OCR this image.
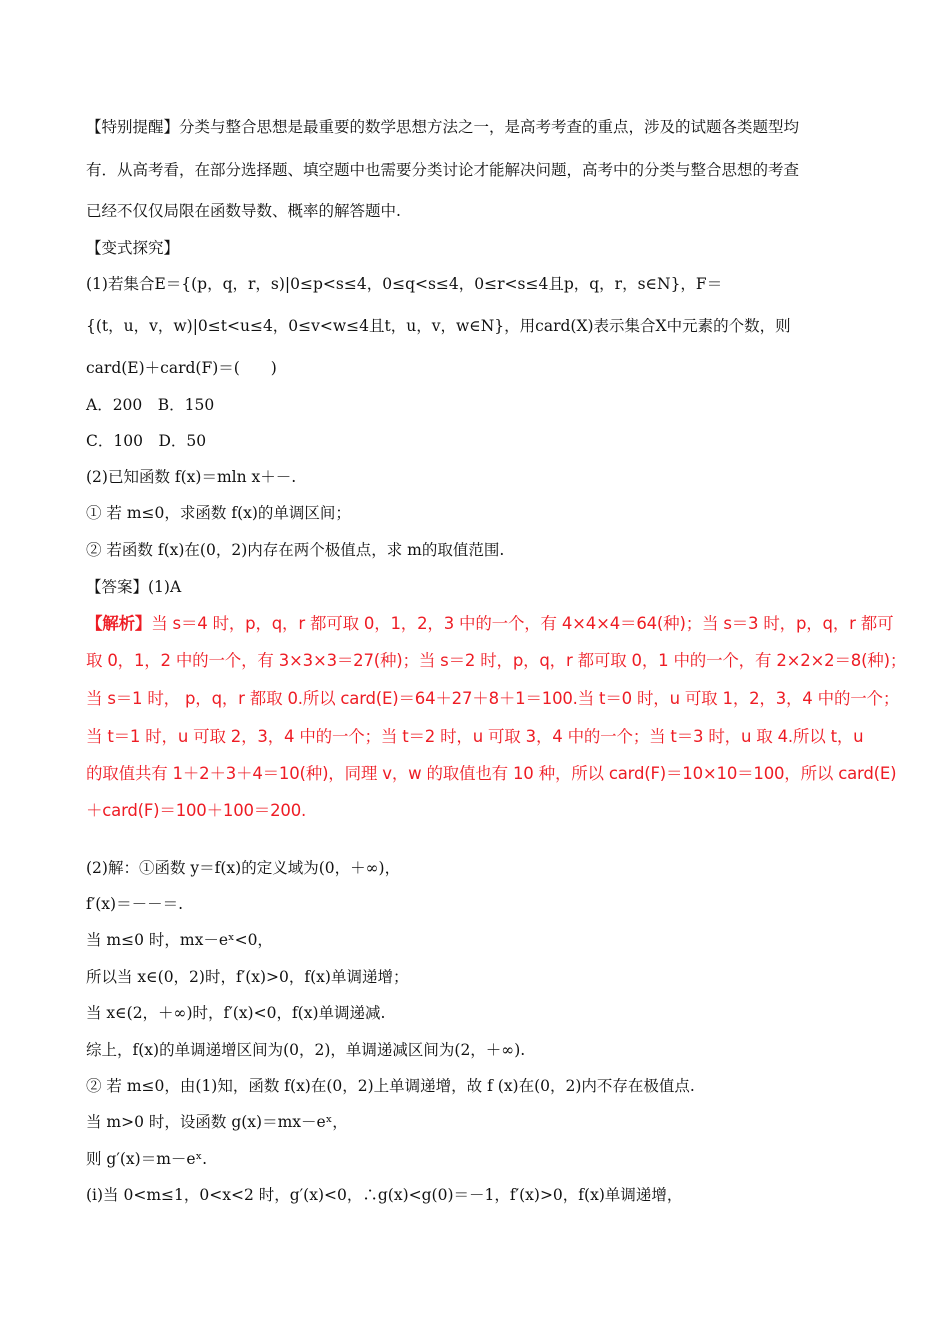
【特别提醒】分类与整合思想是最重要的数学思想方法之一，是高考考查的重点，涉及的试题各类题型均
有．从高考看，在部分选择题、填空题中也需要分类讨论才能解决问题，高考中的分类与整合思想的考查
已经不仅仅局限在函数导数、概率的解答题中.
【变式探究】
(1)若集合E＝{(p，q，r，s)|0≤p<s≤4，0≤q<s≤4，0≤r<s≤4且p，q，r，s∈N}，F＝
{(t，u，v，w)|0≤t<u≤4，0≤v<w≤4且t，u，v，w∈N}，用card(X)表示集合X中元素的个数，则
card(E)＋card(F)＝(　　)
A．200　B．150
C．100　D．50
(2)已知函数 f(x)＝mln x＋－.
① 若 m≤0，求函数 f(x)的单调区间；
② 若函数 f(x)在(0，2)内存在两个极值点，求 m的取值范围.
【答案】(1)A
【解析】当 s＝4 时，p，q，r 都可取 0，1，2，3 中的一个，有 4×4×4＝64(种)；当 s＝3 时，p，q，r 都可
取 0，1，2 中的一个，有 3×3×3＝27(种)；当 s＝2 时，p，q，r 都可取 0，1 中的一个，有 2×2×2＝8(种)；
当 s＝1 时， p，q，r 都取 0.所以 card(E)＝64＋27＋8＋1＝100.当 t＝0 时，u 可取 1，2，3，4 中的一个；
当 t＝1 时，u 可取 2，3，4 中的一个；当 t＝2 时，u 可取 3，4 中的一个；当 t＝3 时，u 取 4.所以 t，u
的取值共有 1＋2＋3＋4＝10(种)，同理 v，w 的取值也有 10 种，所以 card(F)＝10×10＝100，所以 card(E)
＋card(F)＝100＋100＝200.
(2)解：①函数 y＝f(x)的定义域为(0，＋∞)，
f′(x)＝－－＝.
当 m≤0 时，mx－eˣ<0，
所以当 x∈(0，2)时，f′(x)>0，f(x)单调递增；
当 x∈(2，＋∞)时，f′(x)<0，f(x)单调递减.
综上，f(x)的单调递增区间为(0，2)，单调递减区间为(2，＋∞).
② 若 m≤0，由(1)知，函数 f(x)在(0，2)上单调递增，故 f (x)在(0，2)内不存在极值点.
当 m>0 时，设函数 g(x)＝mx－eˣ，
则 g′(x)＝m－eˣ.
(i)当 0<m≤1，0<x<2 时，g′(x)<0，∴g(x)<g(0)＝－1，f′(x)>0，f(x)单调递增，
